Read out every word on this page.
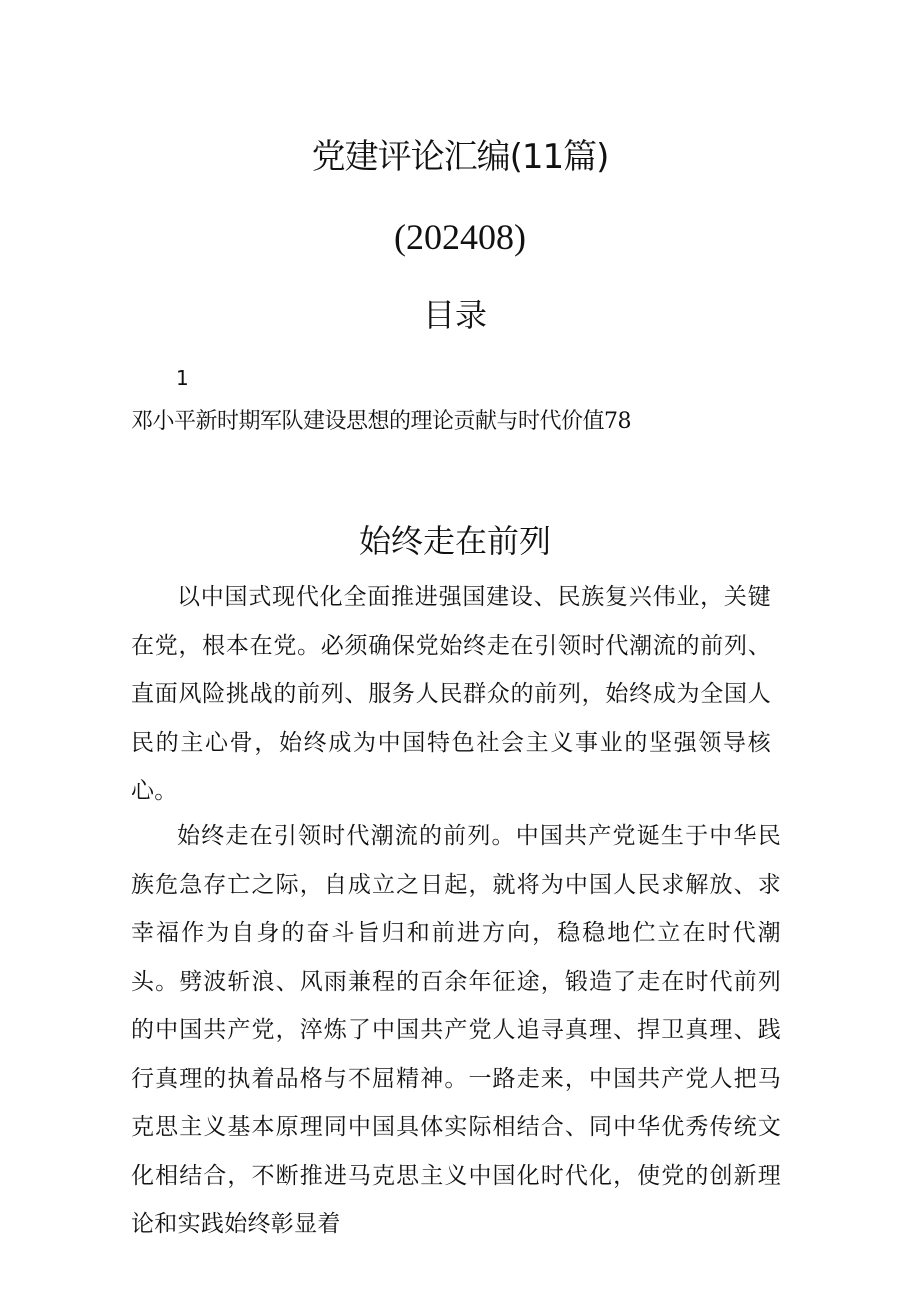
党建评论汇编(11篇)
(202408)
目录
1
邓小平新时期军队建设思想的理论贡献与时代价值78
始终走在前列

以中国式现代化全面推进强国建设、民族复兴伟业，关键在党，根本在党。必须确保党始终走在引领时代潮流的前列、直面风险挑战的前列、服务人民群众的前列，始终成为全国人民的主心骨，始终成为中国特色社会主义事业的坚强领导核心。

始终走在引领时代潮流的前列。中国共产党诞生于中华民族危急存亡之际，自成立之日起，就将为中国人民求解放、求幸福作为自身的奋斗旨归和前进方向，稳稳地伫立在时代潮头。劈波斩浪、风雨兼程的百余年征途，锻造了走在时代前列的中国共产党，淬炼了中国共产党人追寻真理、捍卫真理、践行真理的执着品格与不屈精神。一路走来，中国共产党人把马克思主义基本原理同中国具体实际相结合、同中华优秀传统文化相结合，不断推进马克思主义中国化时代化，使党的创新理论和实践始终彰显着
